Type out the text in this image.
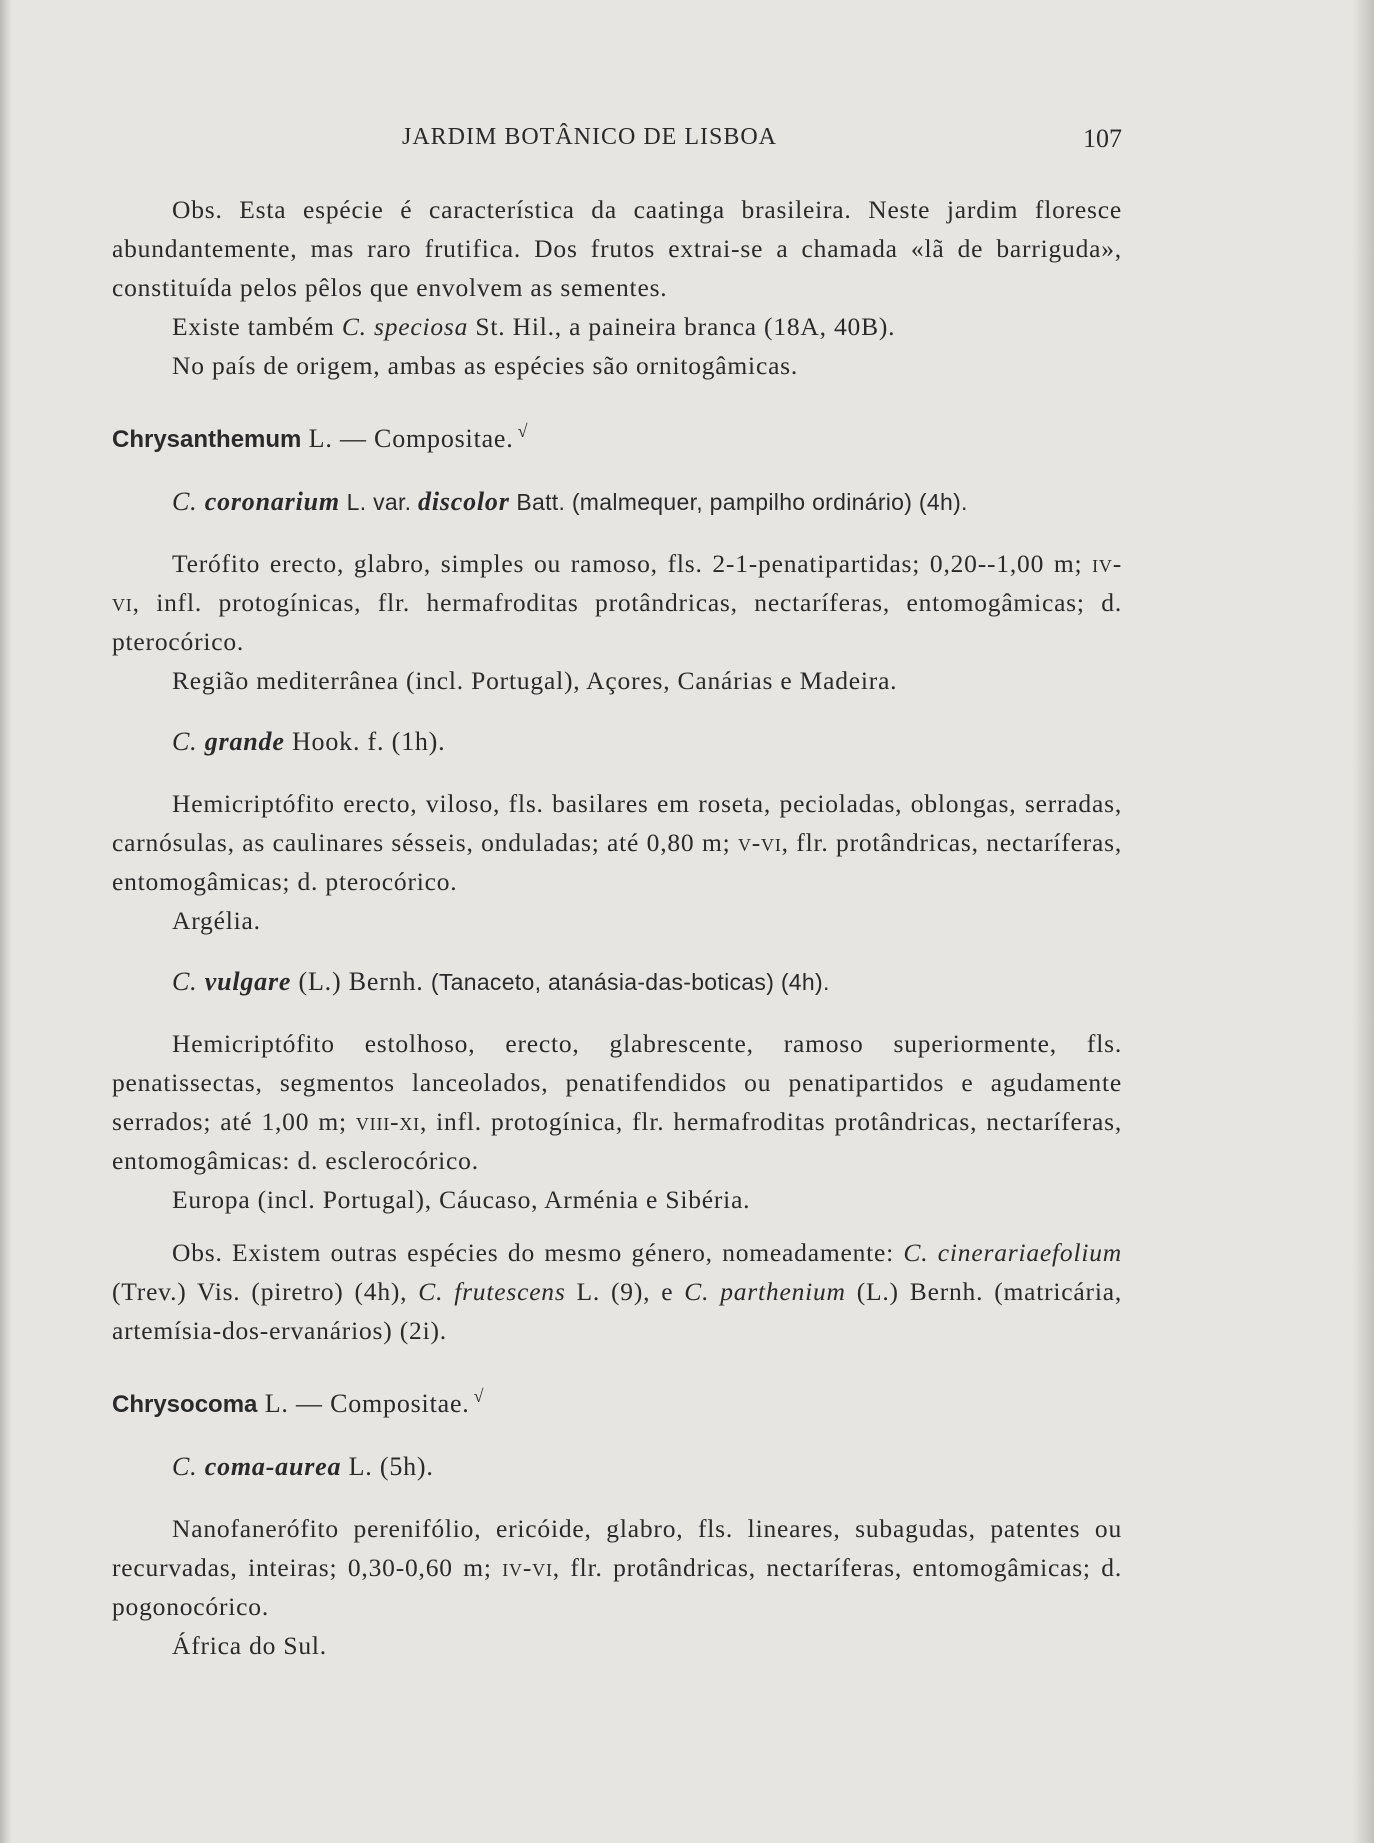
JARDIM BOTÂNICO DE LISBOA	107

Obs. Esta espécie é característica da caatinga brasileira. Neste jardim floresce abundantemente, mas raro frutifica. Dos frutos extrai-se a chamada «lã de barriguda», constituída pelos pêlos que envolvem as sementes.

Existe também C. speciosa St. Hil., a paineira branca (18A, 40B).

No país de origem, ambas as espécies são ornitogâmicas.

Chrysanthemum L. — Compositae. √

C. coronarium L. var. discolor Batt. (malmequer, pampilho ordinário) (4h).

Terófito erecto, glabro, simples ou ramoso, fls. 2-1-penatipartidas; 0,20--1,00 m; iv-vi, infl. protogínicas, flr. hermafroditas protândricas, nectaríferas, entomogâmicas; d. pterocórico.

Região mediterrânea (incl. Portugal), Açores, Canárias e Madeira.

C. grande Hook. f. (1h).

Hemicriptófito erecto, viloso, fls. basilares em roseta, pecioladas, oblongas, serradas, carnósulas, as caulinares sésseis, onduladas; até 0,80 m; v-vi, flr. protândricas, nectaríferas, entomogâmicas; d. pterocórico.

Argélia.

C. vulgare (L.) Bernh. (Tanaceto, atanásia-das-boticas) (4h).

Hemicriptófito estolhoso, erecto, glabrescente, ramoso superiormente, fls. penatissectas, segmentos lanceolados, penatifendidos ou penatipartidos e agudamente serrados; até 1,00 m; viii-xi, infl. protogínica, flr. hermafroditas protândricas, nectaríferas, entomogâmicas: d. esclerocórico.

Europa (incl. Portugal), Cáucaso, Arménia e Sibéria.

Obs. Existem outras espécies do mesmo género, nomeadamente: C. cinerariaefolium (Trev.) Vis. (piretro) (4h), C. frutescens L. (9), e C. parthenium (L.) Bernh. (matricária, artemísia-dos-ervanários) (2i).

Chrysocoma L. — Compositae. √

C. coma-aurea L. (5h).

Nanofanerófito perenifólio, ericóide, glabro, fls. lineares, subagudas, patentes ou recurvadas, inteiras; 0,30-0,60 m; iv-vi, flr. protândricas, nectaríferas, entomogâmicas; d. pogonocórico.

África do Sul.
